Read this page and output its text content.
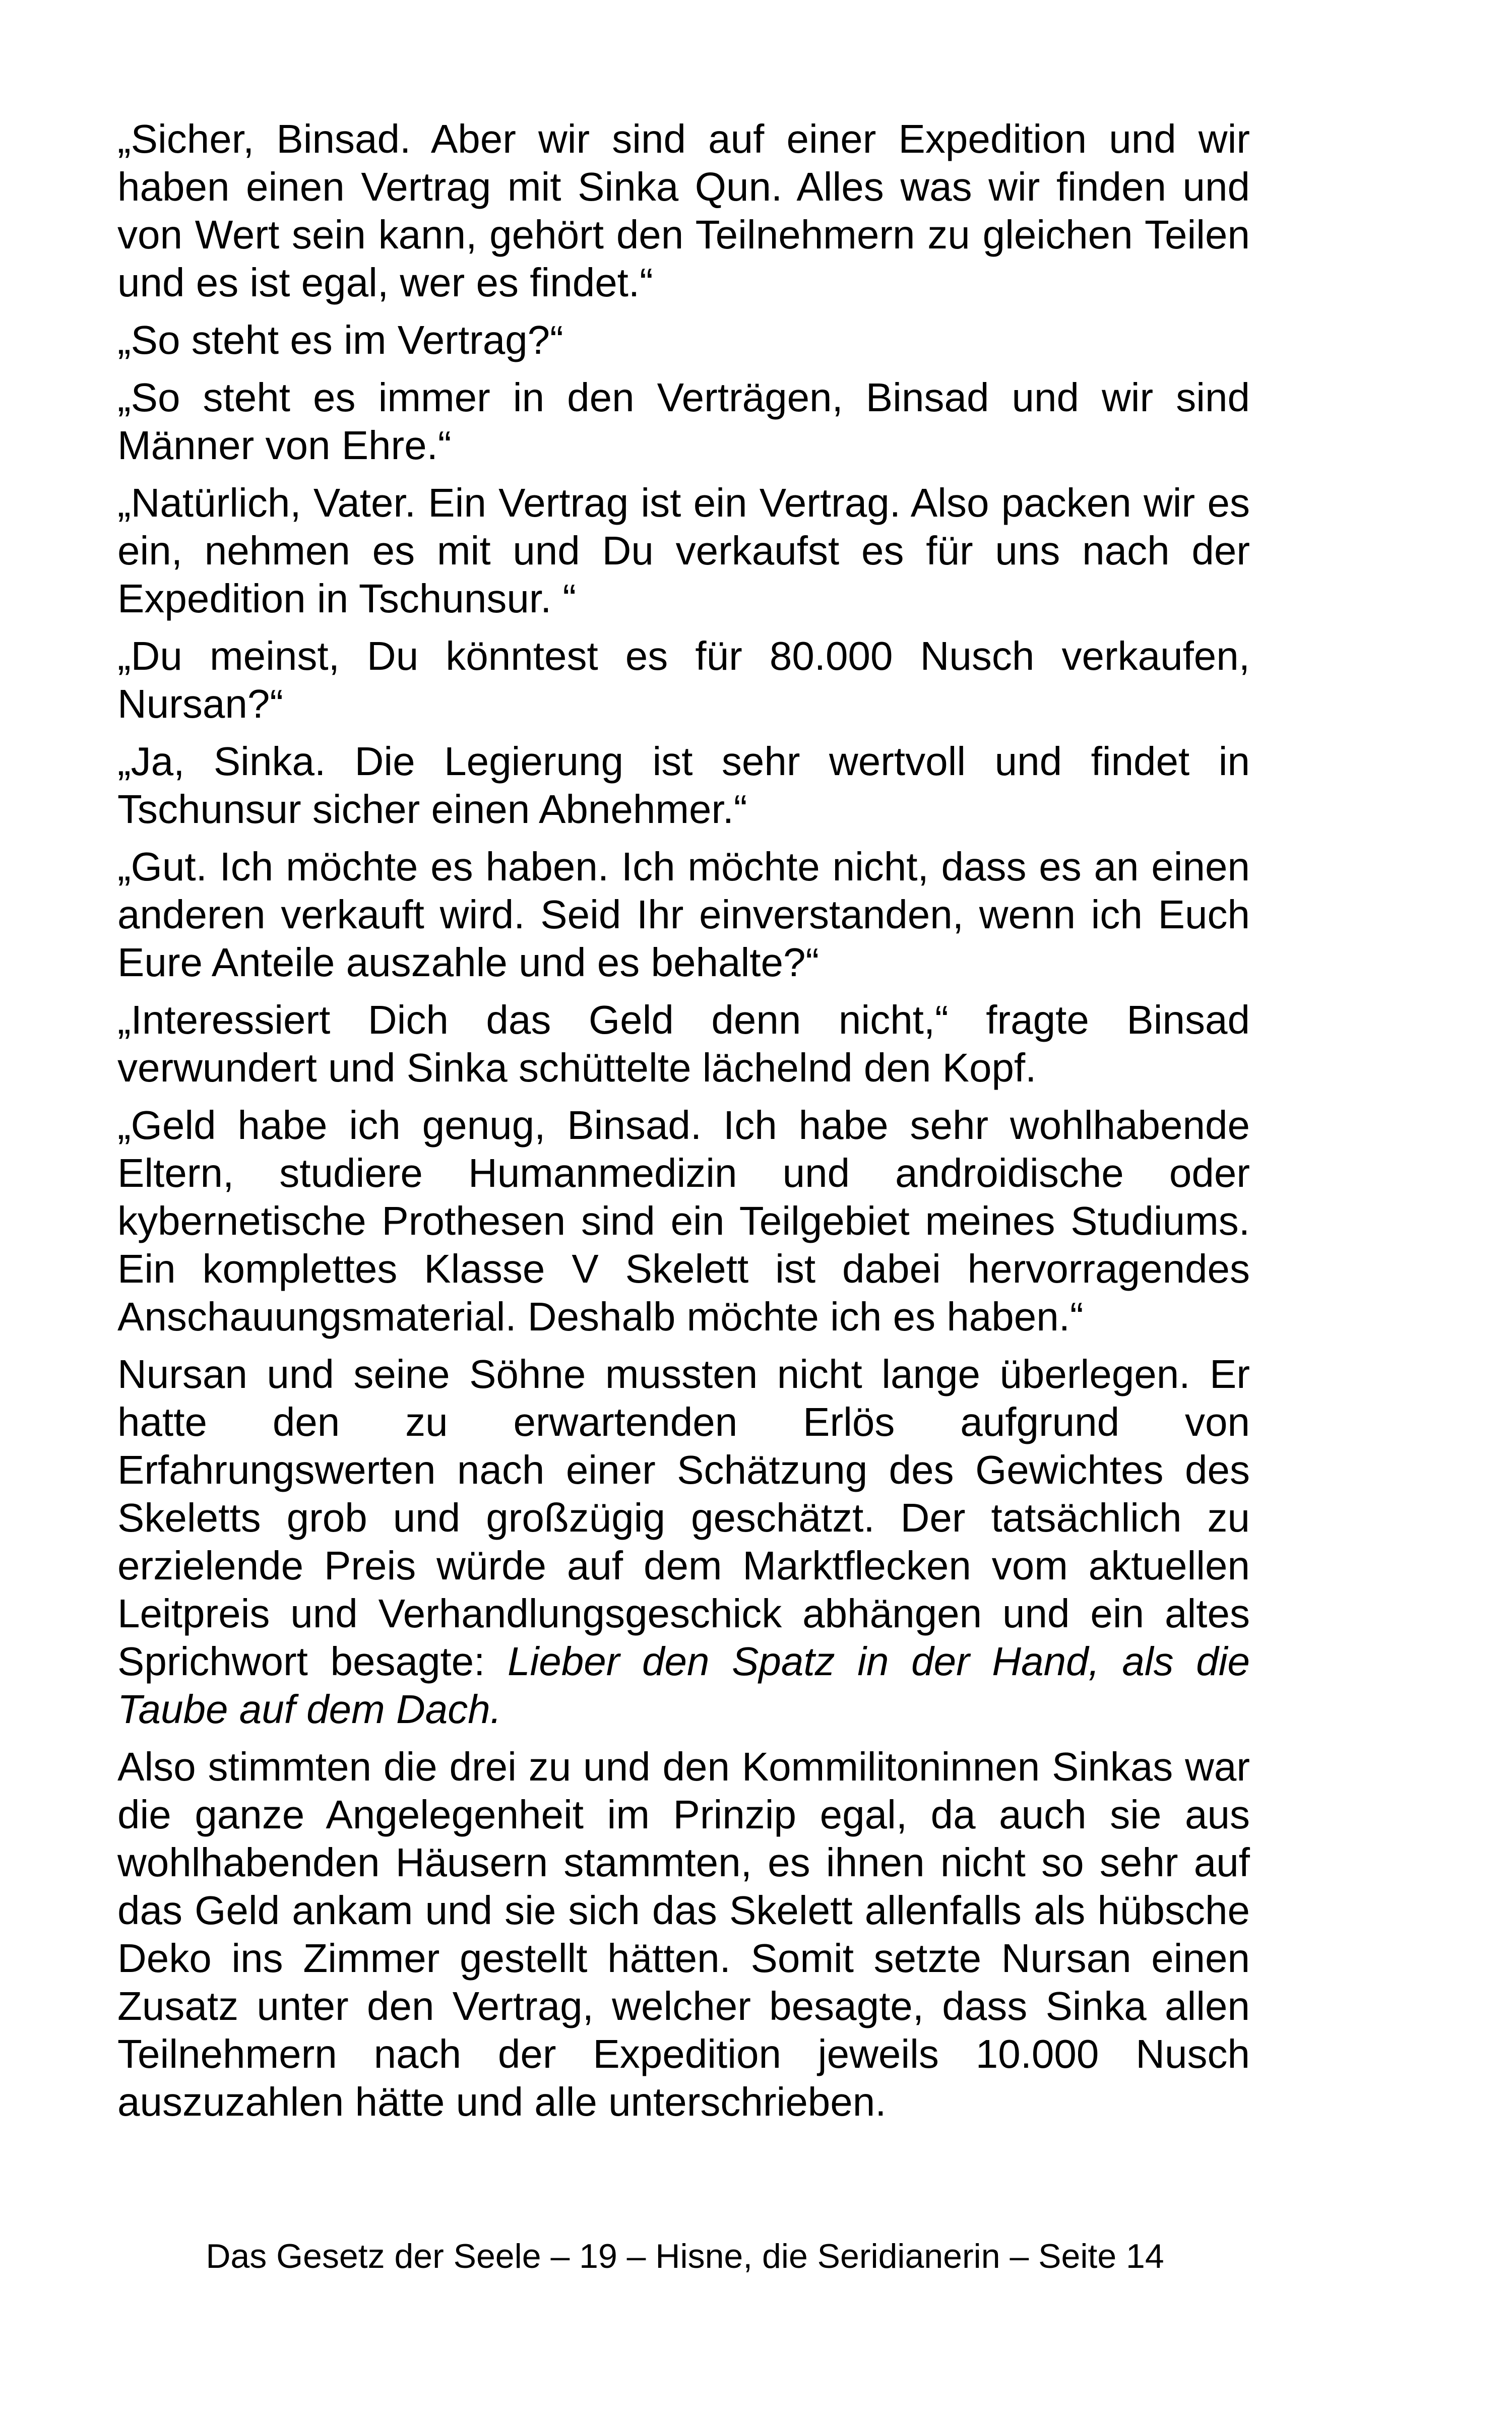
„Sicher, Binsad. Aber wir sind auf einer Expedition und wir haben einen Vertrag mit Sinka Qun. Alles was wir finden und von Wert sein kann, gehört den Teilnehmern zu gleichen Teilen und es ist egal, wer es findet.“

„So steht es im Vertrag?“

„So steht es immer in den Verträgen, Binsad und wir sind Männer von Ehre.“

„Natürlich, Vater. Ein Vertrag ist ein Vertrag. Also packen wir es ein, nehmen es mit und Du verkaufst es für uns nach der Expedition in Tschunsur. “

„Du meinst, Du könntest es für 80.000 Nusch verkaufen, Nursan?“

„Ja, Sinka. Die Legierung ist sehr wertvoll und findet in Tschunsur sicher einen Abnehmer.“

„Gut. Ich möchte es haben. Ich möchte nicht, dass es an einen anderen verkauft wird. Seid Ihr einverstanden, wenn ich Euch Eure Anteile auszahle und es behalte?“

„Interessiert Dich das Geld denn nicht,“ fragte Binsad verwundert und Sinka schüttelte lächelnd den Kopf.

„Geld habe ich genug, Binsad. Ich habe sehr wohlhabende Eltern, studiere Humanmedizin und androidische oder kybernetische Prothesen sind ein Teilgebiet meines Studiums. Ein komplettes Klasse V Skelett ist dabei hervorragendes Anschauungsmaterial. Deshalb möchte ich es haben.“

Nursan und seine Söhne mussten nicht lange überlegen. Er hatte den zu erwartenden Erlös aufgrund von Erfahrungswerten nach einer Schätzung des Gewichtes des Skeletts grob und großzügig geschätzt. Der tatsächlich zu erzielende Preis würde auf dem Marktflecken vom aktuellen Leitpreis und Verhandlungsgeschick abhängen und ein altes Sprichwort besagte: Lieber den Spatz in der Hand, als die Taube auf dem Dach.

Also stimmten die drei zu und den Kommilitoninnen Sinkas war die ganze Angelegenheit im Prinzip egal, da auch sie aus wohlhabenden Häusern stammten, es ihnen nicht so sehr auf das Geld ankam und sie sich das Skelett allenfalls als hübsche Deko ins Zimmer gestellt hätten. Somit setzte Nursan einen Zusatz unter den Vertrag, welcher besagte, dass Sinka allen Teilnehmern nach der Expedition jeweils 10.000 Nusch auszuzahlen hätte und alle unterschrieben.

Das Gesetz der Seele – 19 – Hisne, die Seridianerin – Seite 14
